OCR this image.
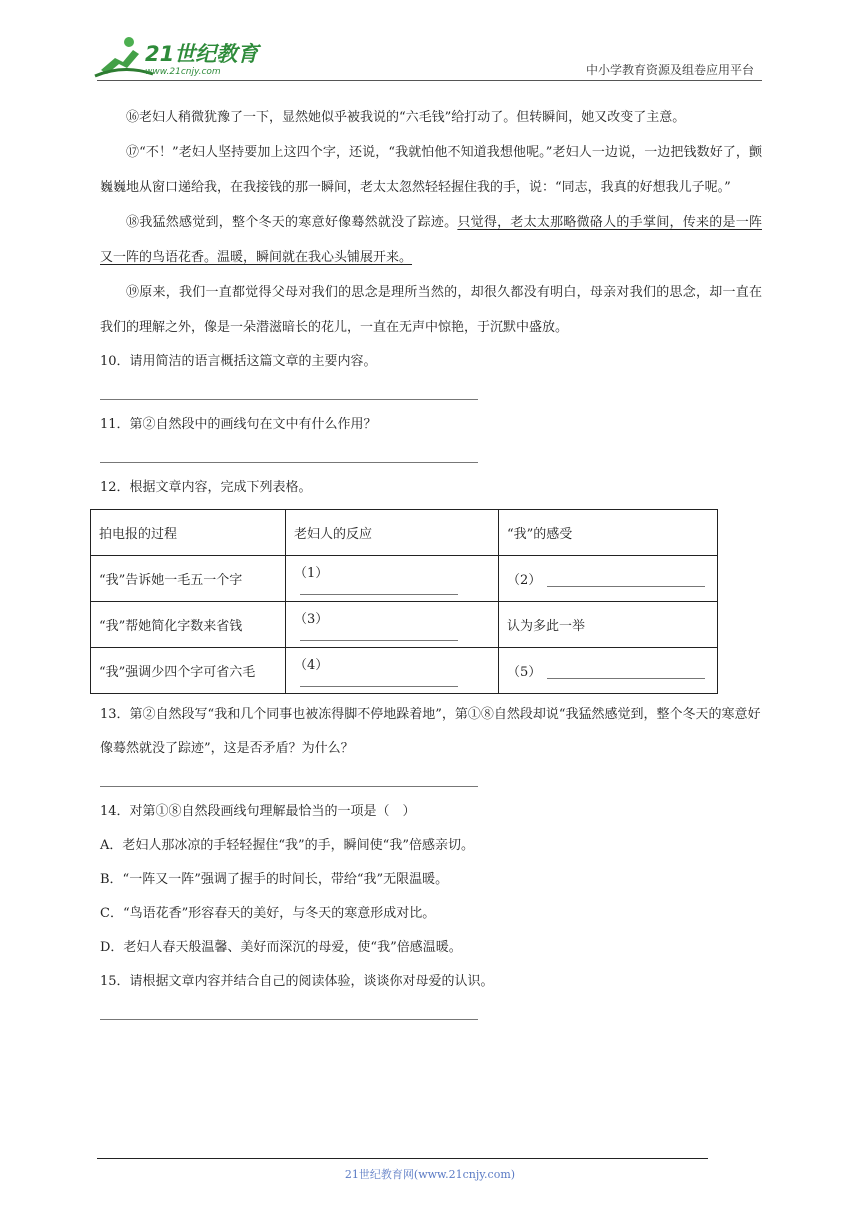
21世纪教育
www.21cnjy.com	中小学教育资源及组卷应用平台

⑯老妇人稍微犹豫了一下，显然她似乎被我说的“六毛钱”给打动了。但转瞬间，她又改变了主意。

⑰“不！”老妇人坚持要加上这四个字，还说，“我就怕他不知道我想他呢。”老妇人一边说，一边把钱数好了，颤巍巍地从窗口递给我，在我接钱的那一瞬间，老太太忽然轻轻握住我的手，说：“同志，我真的好想我儿子呢。”

⑱我猛然感觉到，整个冬天的寒意好像蓦然就没了踪迹。只觉得，老太太那略微硌人的手掌间，传来的是一阵又一阵的鸟语花香。温暖，瞬间就在我心头铺展开来。

⑲原来，我们一直都觉得父母对我们的思念是理所当然的，却很久都没有明白，母亲对我们的思念，却一直在我们的理解之外，像是一朵潜滋暗长的花儿，一直在无声中惊艳，于沉默中盛放。

10．请用简洁的语言概括这篇文章的主要内容。

11．第②自然段中的画线句在文中有什么作用？

12．根据文章内容，完成下列表格。

拍电报的过程	老妇人的反应	“我”的感受
“我”告诉她一毛五一个字	（1）	（2）
“我”帮她简化字数来省钱	（3）	认为多此一举
“我”强调少四个字可省六毛	（4）	（5）

13．第②自然段写“我和几个同事也被冻得脚不停地跺着地”，第①⑧自然段却说“我猛然感觉到，整个冬天的寒意好像蓦然就没了踪迹”，这是否矛盾？为什么？

14．对第①⑧自然段画线句理解最恰当的一项是（　）

A．老妇人那冰凉的手轻轻握住“我”的手，瞬间使“我”倍感亲切。

B．“一阵又一阵”强调了握手的时间长，带给“我”无限温暖。

C．“鸟语花香”形容春天的美好，与冬天的寒意形成对比。

D．老妇人春天般温馨、美好而深沉的母爱，使“我”倍感温暖。

15．请根据文章内容并结合自己的阅读体验，谈谈你对母爱的认识。

21世纪教育网(www.21cnjy.com)
